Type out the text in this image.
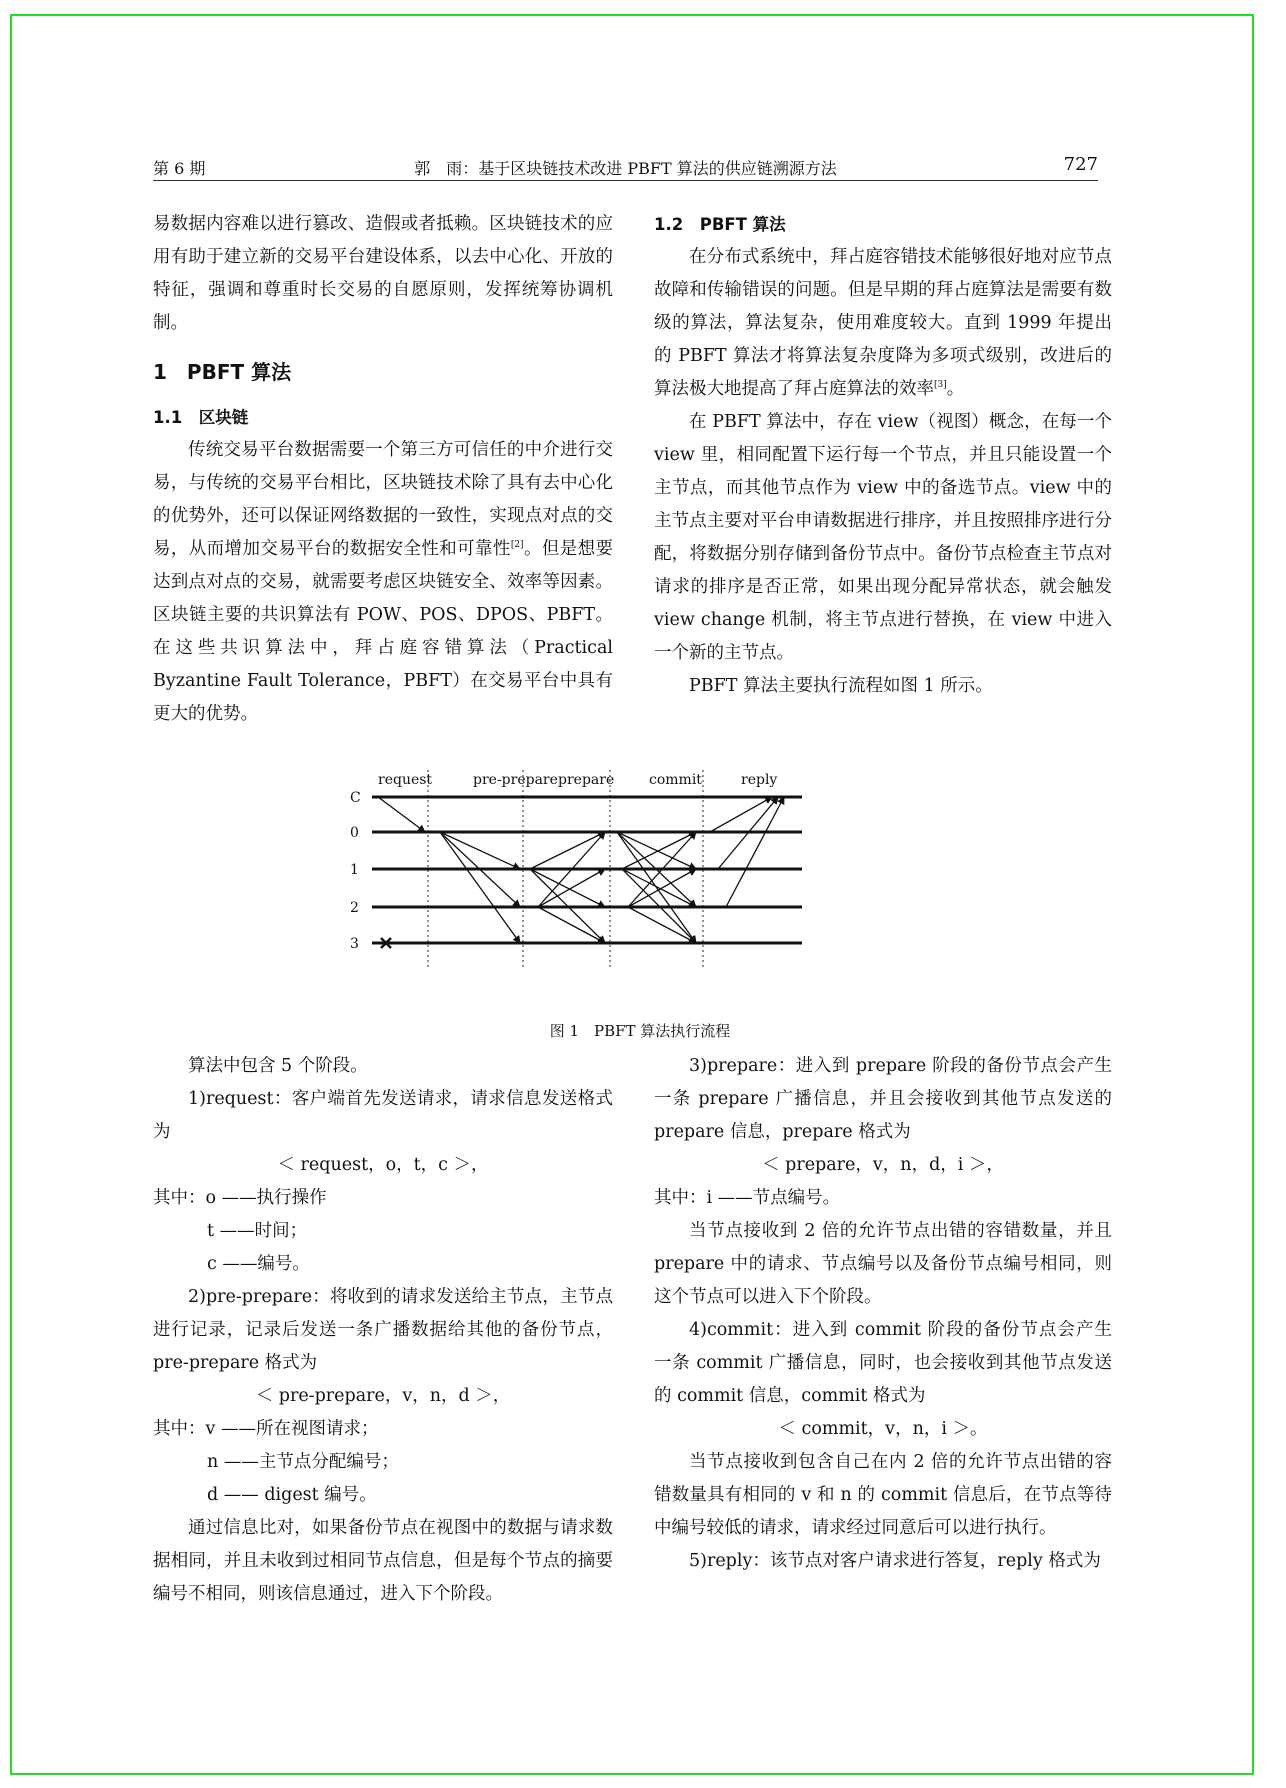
第 6 期	郭　雨：基于区块链技术改进 PBFT 算法的供应链溯源方法	727

易数据内容难以进行篡改、造假或者抵赖。区块链技术的应用有助于建立新的交易平台建设体系，以去中心化、开放的特征，强调和尊重时长交易的自愿原则，发挥统筹协调机制。

1　PBFT 算法

1.1　区块链

传统交易平台数据需要一个第三方可信任的中介进行交易，与传统的交易平台相比，区块链技术除了具有去中心化的优势外，还可以保证网络数据的一致性，实现点对点的交易，从而增加交易平台的数据安全性和可靠性[2]。但是想要达到点对点的交易，就需要考虑区块链安全、效率等因素。区块链主要的共识算法有 POW、POS、DPOS、PBFT。在这些共识算法中，拜占庭容错算法（Practical Byzantine Fault Tolerance，PBFT）在交易平台中具有更大的优势。

1.2　PBFT 算法

在分布式系统中，拜占庭容错技术能够很好地对应节点故障和传输错误的问题。但是早期的拜占庭算法是需要有数级的算法，算法复杂，使用难度较大。直到 1999 年提出的 PBFT 算法才将算法复杂度降为多项式级别，改进后的算法极大地提高了拜占庭算法的效率[3]。

在 PBFT 算法中，存在 view（视图）概念，在每一个 view 里，相同配置下运行每一个节点，并且只能设置一个主节点，而其他节点作为 view 中的备选节点。view 中的主节点主要对平台申请数据进行排序，并且按照排序进行分配，将数据分别存储到备份节点中。备份节点检查主节点对请求的排序是否正常，如果出现分配异常状态，就会触发 view change 机制，将主节点进行替换，在 view 中进入一个新的主节点。

PBFT 算法主要执行流程如图 1 所示。

request	pre-prepare prepare commit	reply
C
0
1
2
3
图 1　PBFT 算法执行流程

算法中包含 5 个阶段。

1)request：客户端首先发送请求，请求信息发送格式为

＜ request，o，t，c ＞，

其中：o ——执行操作

t ——时间；

c ——编号。

2)pre-prepare：将收到的请求发送给主节点，主节点进行记录，记录后发送一条广播数据给其他的备份节点，pre-prepare 格式为

＜ pre-prepare，v，n，d ＞，

其中：v ——所在视图请求；

n ——主节点分配编号；

d —— digest 编号。

通过信息比对，如果备份节点在视图中的数据与请求数据相同，并且未收到过相同节点信息，但是每个节点的摘要编号不相同，则该信息通过，进入下个阶段。

3)prepare：进入到 prepare 阶段的备份节点会产生一条 prepare 广播信息，并且会接收到其他节点发送的 prepare 信息，prepare 格式为

＜ prepare，v，n，d，i ＞，

其中：i ——节点编号。

当节点接收到 2 倍的允许节点出错的容错数量，并且 prepare 中的请求、节点编号以及备份节点编号相同，则这个节点可以进入下个阶段。

4)commit：进入到 commit 阶段的备份节点会产生一条 commit 广播信息，同时，也会接收到其他节点发送的 commit 信息，commit 格式为

＜ commit，v，n，i ＞。

当节点接收到包含自己在内 2 倍的允许节点出错的容错数量具有相同的 v 和 n 的 commit 信息后，在节点等待中编号较低的请求，请求经过同意后可以进行执行。

5)reply：该节点对客户请求进行答复，reply 格式为
